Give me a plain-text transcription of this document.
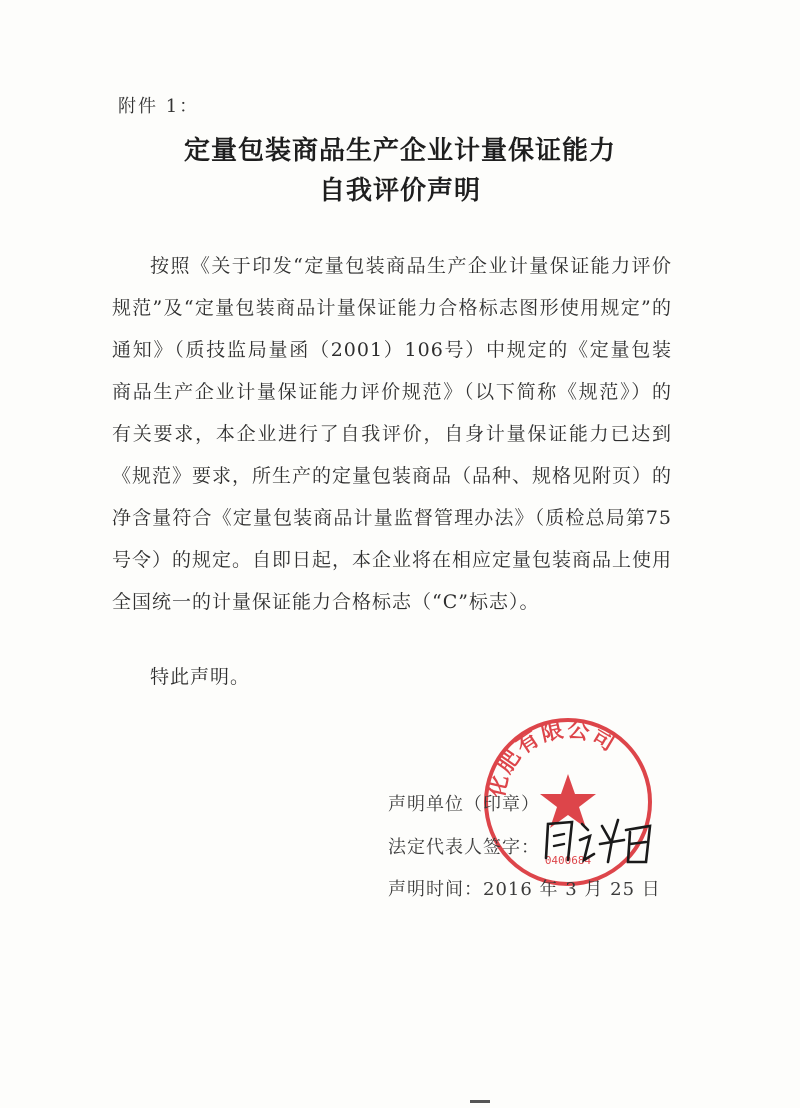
附件 1：
定量包装商品生产企业计量保证能力
自我评价声明
按照《关于印发“定量包装商品生产企业计量保证能力评价规范”及“定量包装商品计量保证能力合格标志图形使用规定”的通知》（质技监局量函（2001）106号）中规定的《定量包装商品生产企业计量保证能力评价规范》（以下简称《规范》）的有关要求，本企业进行了自我评价，自身计量保证能力已达到《规范》要求，所生产的定量包装商品（品种、规格见附页）的净含量符合《定量包装商品计量监督管理办法》（质检总局第75号令）的规定。自即日起，本企业将在相应定量包装商品上使用全国统一的计量保证能力合格标志（“C”标志）。
特此声明。
化肥有限公司
0400684
声明单位（印章）
法定代表人签字：
声明时间：2016 年 3 月 25 日
